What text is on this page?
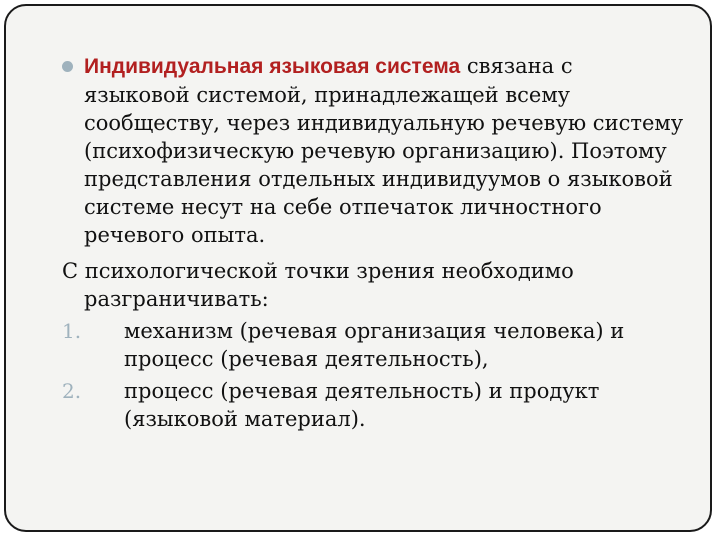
Индивидуальная языковая система связана с языковой системой, принадлежащей всему сообществу, через индивидуальную речевую систему (психофизическую речевую организацию). Поэтому представления отдельных индивидуумов о языковой системе несут на себе отпечаток личностного речевого опыта.
С психологической точки зрения необходимо разграничивать:
1. механизм (речевая организация человека) и процесс (речевая деятельность),
2. процесс (речевая деятельность) и продукт (языковой материал).
